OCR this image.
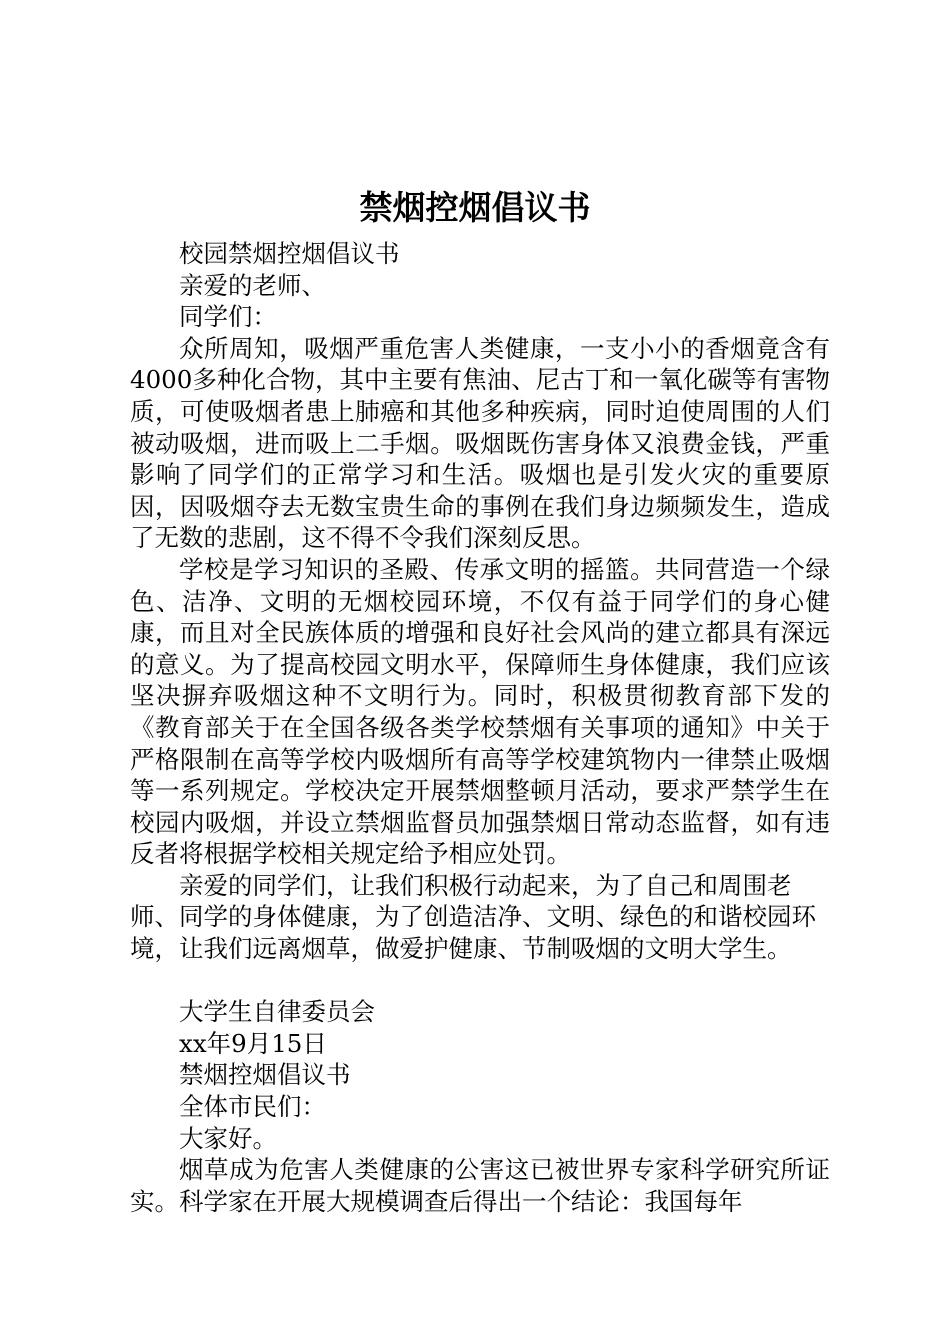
禁烟控烟倡议书

校园禁烟控烟倡议书

亲爱的老师、

同学们：

众所周知，吸烟严重危害人类健康，一支小小的香烟竟含有4000多种化合物，其中主要有焦油、尼古丁和一氧化碳等有害物质，可使吸烟者患上肺癌和其他多种疾病，同时迫使周围的人们被动吸烟，进而吸上二手烟。吸烟既伤害身体又浪费金钱，严重影响了同学们的正常学习和生活。吸烟也是引发火灾的重要原因，因吸烟夺去无数宝贵生命的事例在我们身边频频发生，造成了无数的悲剧，这不得不令我们深刻反思。

学校是学习知识的圣殿、传承文明的摇篮。共同营造一个绿色、洁净、文明的无烟校园环境，不仅有益于同学们的身心健康，而且对全民族体质的增强和良好社会风尚的建立都具有深远的意义。为了提高校园文明水平，保障师生身体健康，我们应该坚决摒弃吸烟这种不文明行为。同时，积极贯彻教育部下发的《教育部关于在全国各级各类学校禁烟有关事项的通知》中关于严格限制在高等学校内吸烟所有高等学校建筑物内一律禁止吸烟等一系列规定。学校决定开展禁烟整顿月活动，要求严禁学生在校园内吸烟，并设立禁烟监督员加强禁烟日常动态监督，如有违反者将根据学校相关规定给予相应处罚。

亲爱的同学们，让我们积极行动起来，为了自己和周围老师、同学的身体健康，为了创造洁净、文明、绿色的和谐校园环境，让我们远离烟草，做爱护健康、节制吸烟的文明大学生。

大学生自律委员会

xx年9月15日

禁烟控烟倡议书

全体市民们：

大家好。

烟草成为危害人类健康的公害这已被世界专家科学研究所证实。科学家在开展大规模调查后得出一个结论：我国每年
